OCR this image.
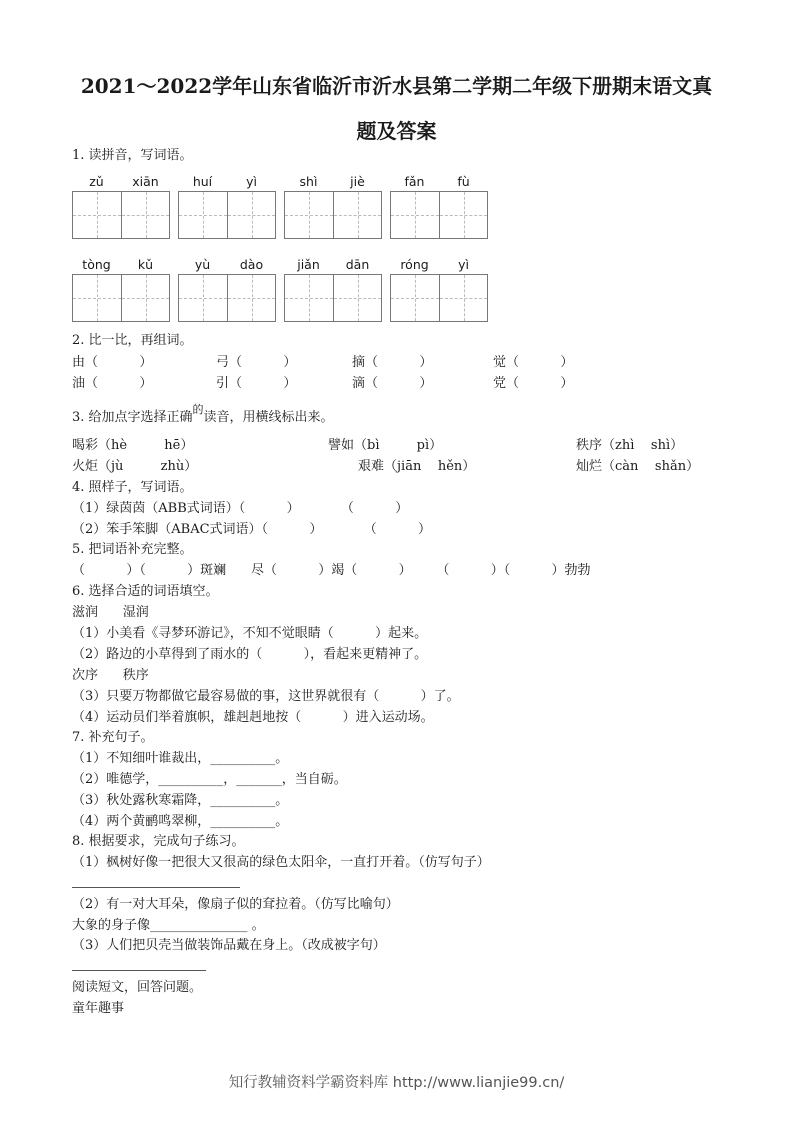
2021～2022学年山东省临沂市沂水县第二学期二年级下册期末语文真
题及答案
1. 读拼音，写词语。
zǔ	xiān	huí	yì	shì	jiè	fǎn	fù
tòng	kǔ	yù	dào	jiǎn	dān	róng	yì
2. 比一比，再组词。
由（          ）	弓（          ）	摘（          ）	觉（          ）
油（          ）	引（          ）	滴（          ）	党（          ）
3. 给加点字选择正确$^的$读音，用横线标出来。
喝彩（hè         hē）	譬如（bì         pì）	秩序（zhì    shì）
火炬（jù         zhù）	艰难（jiān    hěn）	灿烂（càn    shǎn）
4. 照样子，写词语。
（1）绿茵茵（ABB式词语）（          ）          （          ）
（2）笨手笨脚（ABAC式词语）（          ）          （          ）
5. 把词语补充完整。
（          ）（          ）斑斓      尽（          ）竭（          ）      （          ）（          ）勃勃
6. 选择合适的词语填空。
滋润      湿润
（1）小美看《寻梦环游记》，不知不觉眼睛（          ）起来。
（2）路边的小草得到了雨水的（          ），看起来更精神了。
次序      秩序
（3）只要万物都做它最容易做的事，这世界就很有（          ）了。
（4）运动员们举着旗帜，雄赳赳地按（          ）进入运动场。
7. 补充句子。
（1）不知细叶谁裁出，__________。
（2）唯德学，__________，_______，当自砺。
（3）秋处露秋寒霜降，__________。
（4）两个黄鹂鸣翠柳，__________。
8. 根据要求，完成句子练习。
（1）枫树好像一把很大又很高的绿色太阳伞，一直打开着。（仿写句子）
（2）有一对大耳朵，像扇子似的耷拉着。（仿写比喻句）
大象的身子像_______________ 。
（3）人们把贝壳当做装饰品戴在身上。（改成被字句）
阅读短文，回答问题。
童年趣事
知行教辅资料学霸资料库 http://www.lianjie99.cn/
